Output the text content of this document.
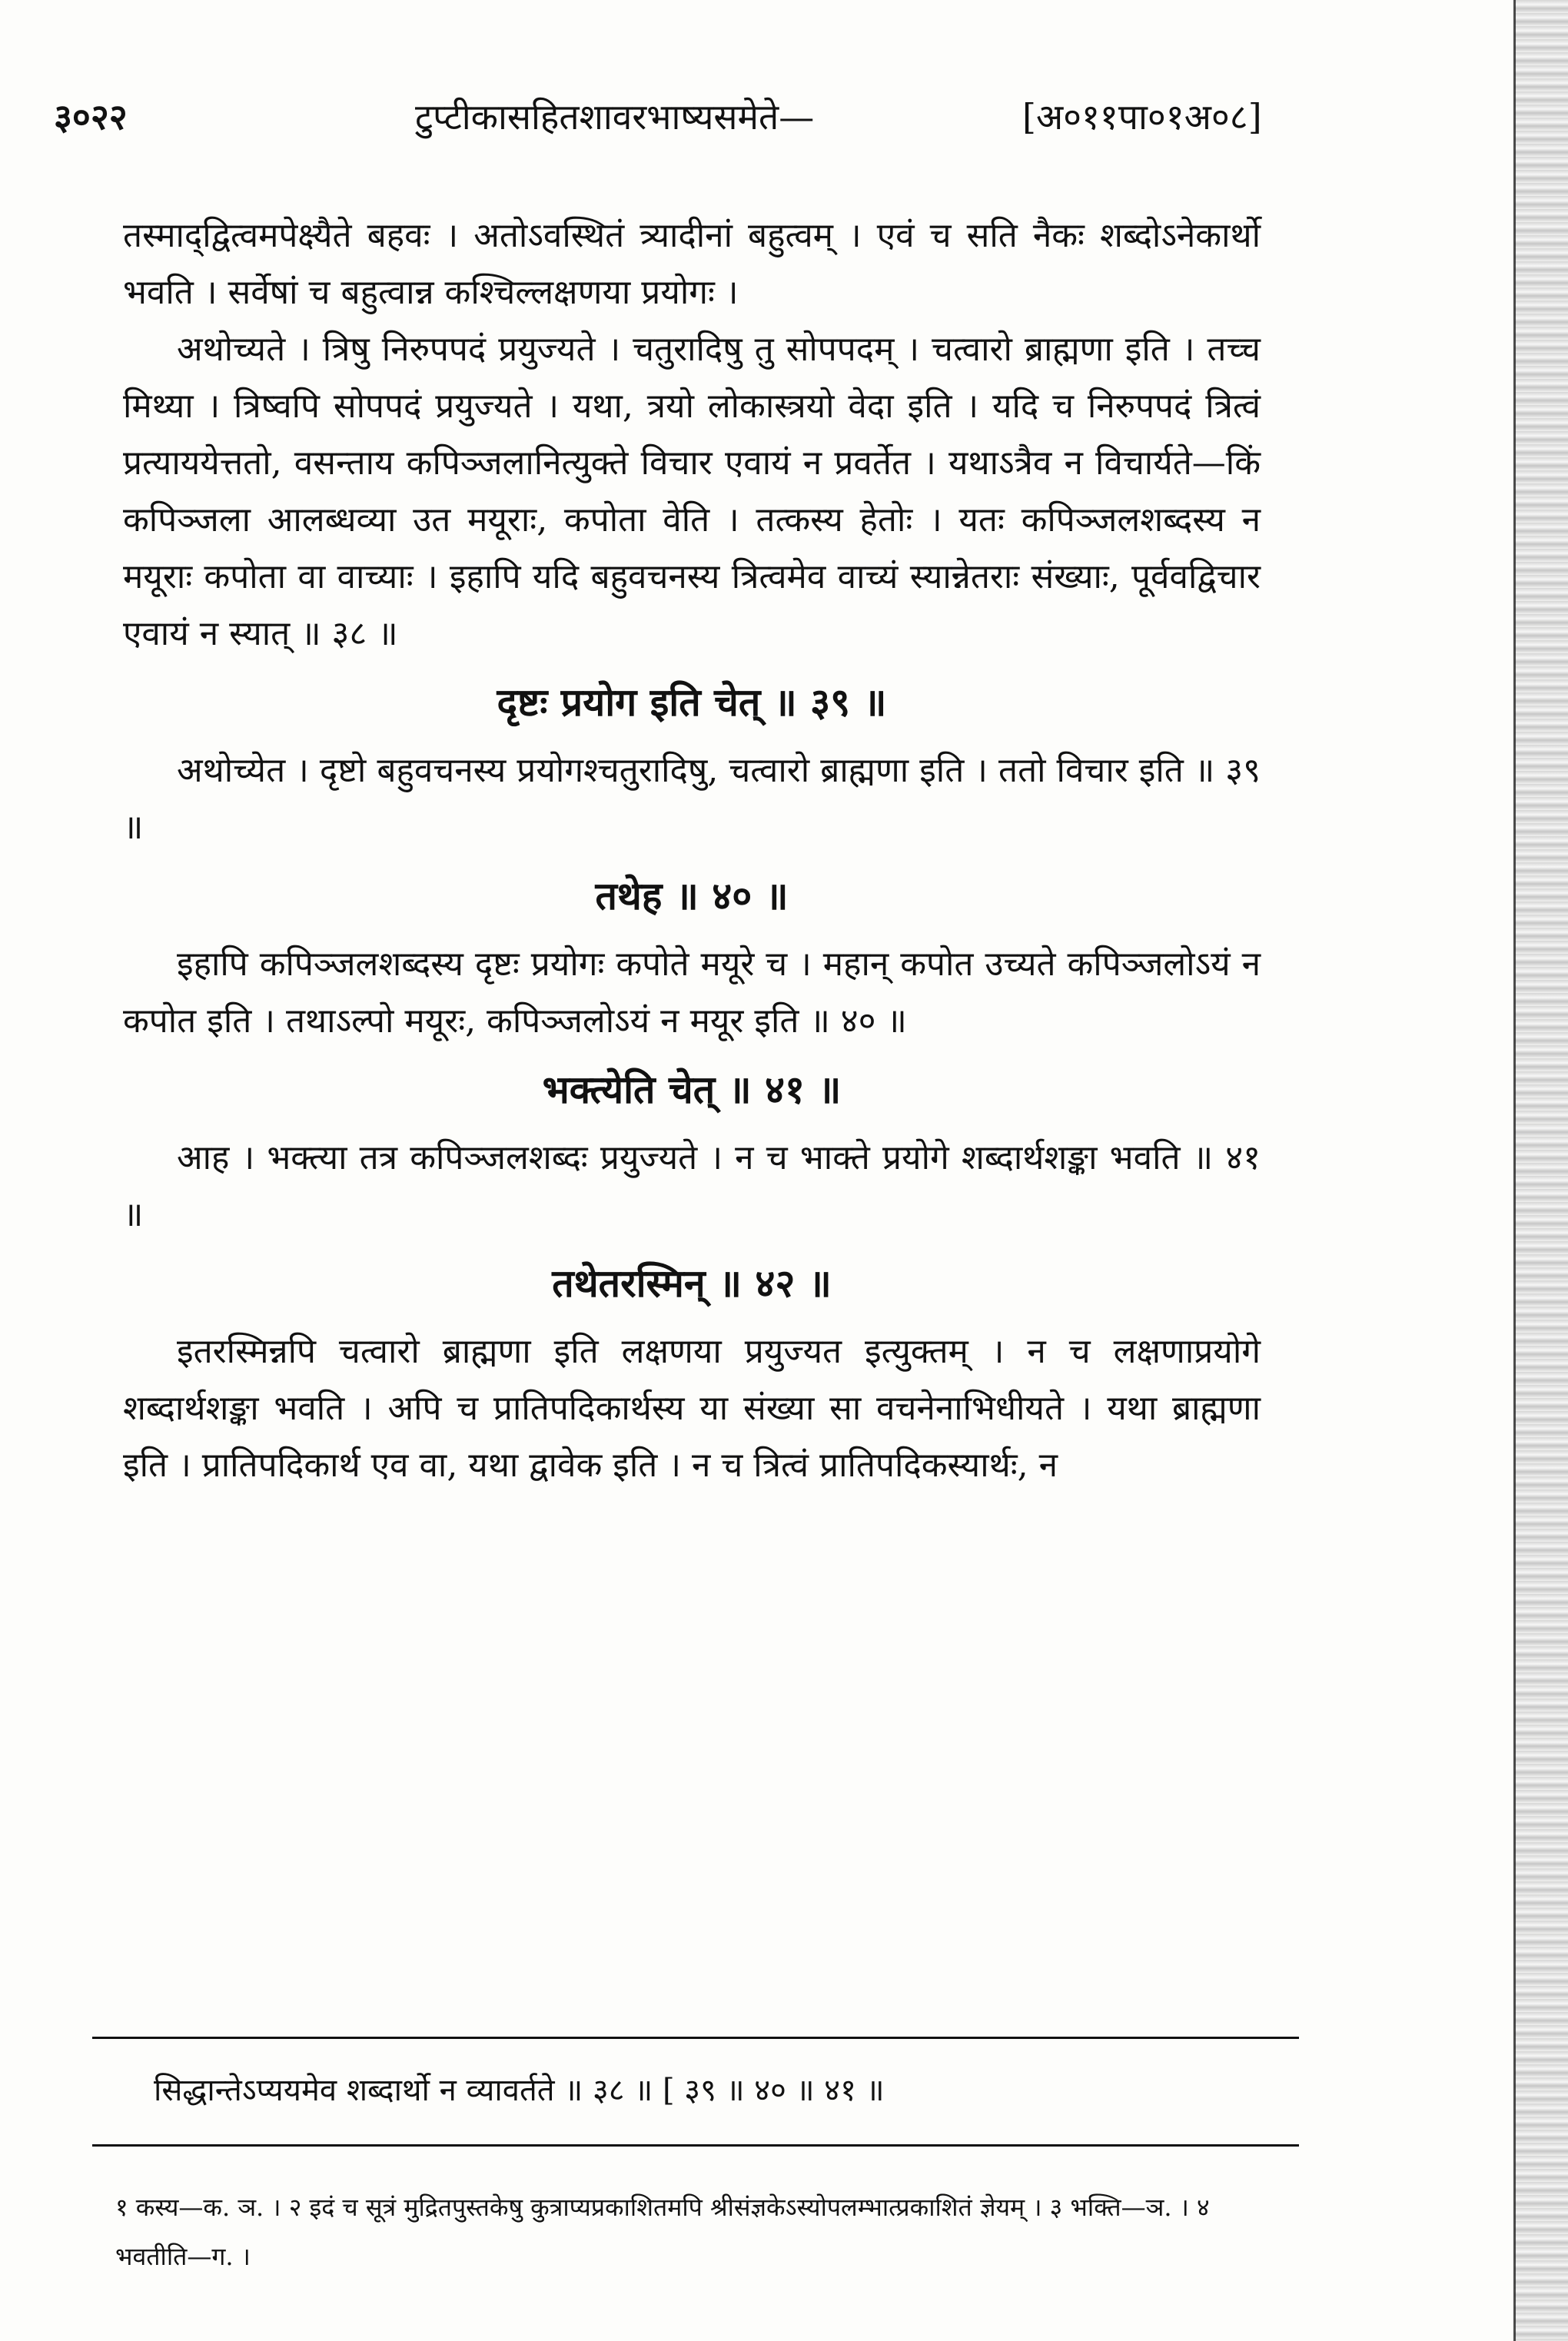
३०२२	टुप्टीकासहितशावरभाष्यसमेते—	[अ०११पा०१अ०८]

तस्माद्‌द्वित्वमपेक्ष्यैते बहवः । अतोऽवस्थितं त्र्यादीनां बहुत्वम् । एवं च सति नैकः शब्दोऽनेकार्थो भवति । सर्वेषां च बहुत्वान्न कश्चिल्लक्षणया प्रयोगः ।

अथोच्यते । त्रिषु निरुपपदं प्रयुज्यते । चतुरादिषु तु सोपपदम् । चत्वारो ब्राह्मणा इति । तच्च मिथ्या । त्रिष्वपि सोपपदं प्रयुज्यते । यथा, त्रयो लोकास्त्रयो वेदा इति । यदि च निरुपपदं त्रित्वं प्रत्याययेत्ततो, वसन्ताय कपिञ्जलानित्युक्ते विचार एवायं न प्रवर्तेत । यथाऽत्रैव न विचार्यते—किं कपिञ्जला आलब्धव्या उत मयूराः, कपोता वेति । तत्कस्य हेतोः । यतः कपिञ्जलशब्दस्य न मयूराः कपोता वा वाच्याः । इहापि यदि बहुवचनस्य त्रित्वमेव वाच्यं स्यान्नेतराः संख्याः, पूर्ववद्विचार एवायं न स्यात् ॥ ३८ ॥

दृष्टः प्रयोग इति चेत् ॥ ३९ ॥

अथोच्येत । दृष्टो बहुवचनस्य प्रयोगश्चतुरादिषु, चत्वारो ब्राह्मणा इति । ततो विचार इति ॥ ३९ ॥

तथेह ॥ ४० ॥

इहापि कपिञ्जलशब्दस्य दृष्टः प्रयोगः कपोते मयूरे च । महान् कपोत उच्यते कपिञ्जलोऽयं न कपोत इति । तथाऽल्पो मयूरः, कपिञ्जलोऽयं न मयूर इति ॥ ४० ॥

भक्त्येति चेत् ॥ ४१ ॥

आह । भक्त्या तत्र कपिञ्जलशब्दः प्रयुज्यते । न च भाक्ते प्रयोगे शब्दार्थशङ्का भवति ॥ ४१ ॥

तथेतरस्मिन् ॥ ४२ ॥

इतरस्मिन्नपि चत्वारो ब्राह्मणा इति लक्षणया प्रयुज्यत इत्युक्तम् । न च लक्षणाप्रयोगे शब्दार्थशङ्का भवति । अपि च प्रातिपदिकार्थस्य या संख्या सा वचनेनाभिधीयते । यथा ब्राह्मणा इति । प्रातिपदिकार्थ एव वा, यथा द्वावेक इति । न च त्रित्वं प्रातिपदिकस्यार्थः, न

सिद्धान्तेऽप्ययमेव शब्दार्थो न व्यावर्तते ॥ ३८ ॥ [ ३९ ॥ ४० ॥ ४१ ॥

१ कस्य—क. ञ. । २ इदं च सूत्रं मुद्रितपुस्तकेषु कुत्राप्यप्रकाशितमपि श्रीसंज्ञकेऽस्योपलम्भात्प्रकाशितं ज्ञेयम् । ३ भक्ति—ञ. । ४ भवतीति—ग. ।
